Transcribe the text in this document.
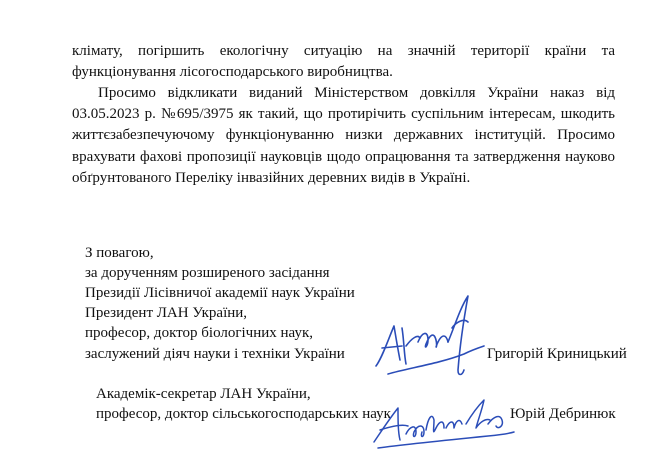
клімату, погіршить екологічну ситуацію на значній території країни та функціонування лісогосподарського виробництва.

Просимо відкликати виданий Міністерством довкілля України наказ від 03.05.2023 р. №695/3975 як такий, що протирічить суспільним інтересам, шкодить життєзабезпечуючому функціонуванню низки державних інституцій. Просимо врахувати фахові пропозиції науковців щодо опрацювання та затвердження науково обґрунтованого Переліку інвазійних деревних видів в Україні.

З повагою,
за дорученням розширеного засідання
Президії Лісівничої академії наук України
Президент ЛАН України,
професор, доктор біологічних наук,
заслужений діяч науки і техніки України	Григорій Криницький
Академік-секретар ЛАН України,
професор, доктор сільськогосподарських наук	Юрій Дебринюк
